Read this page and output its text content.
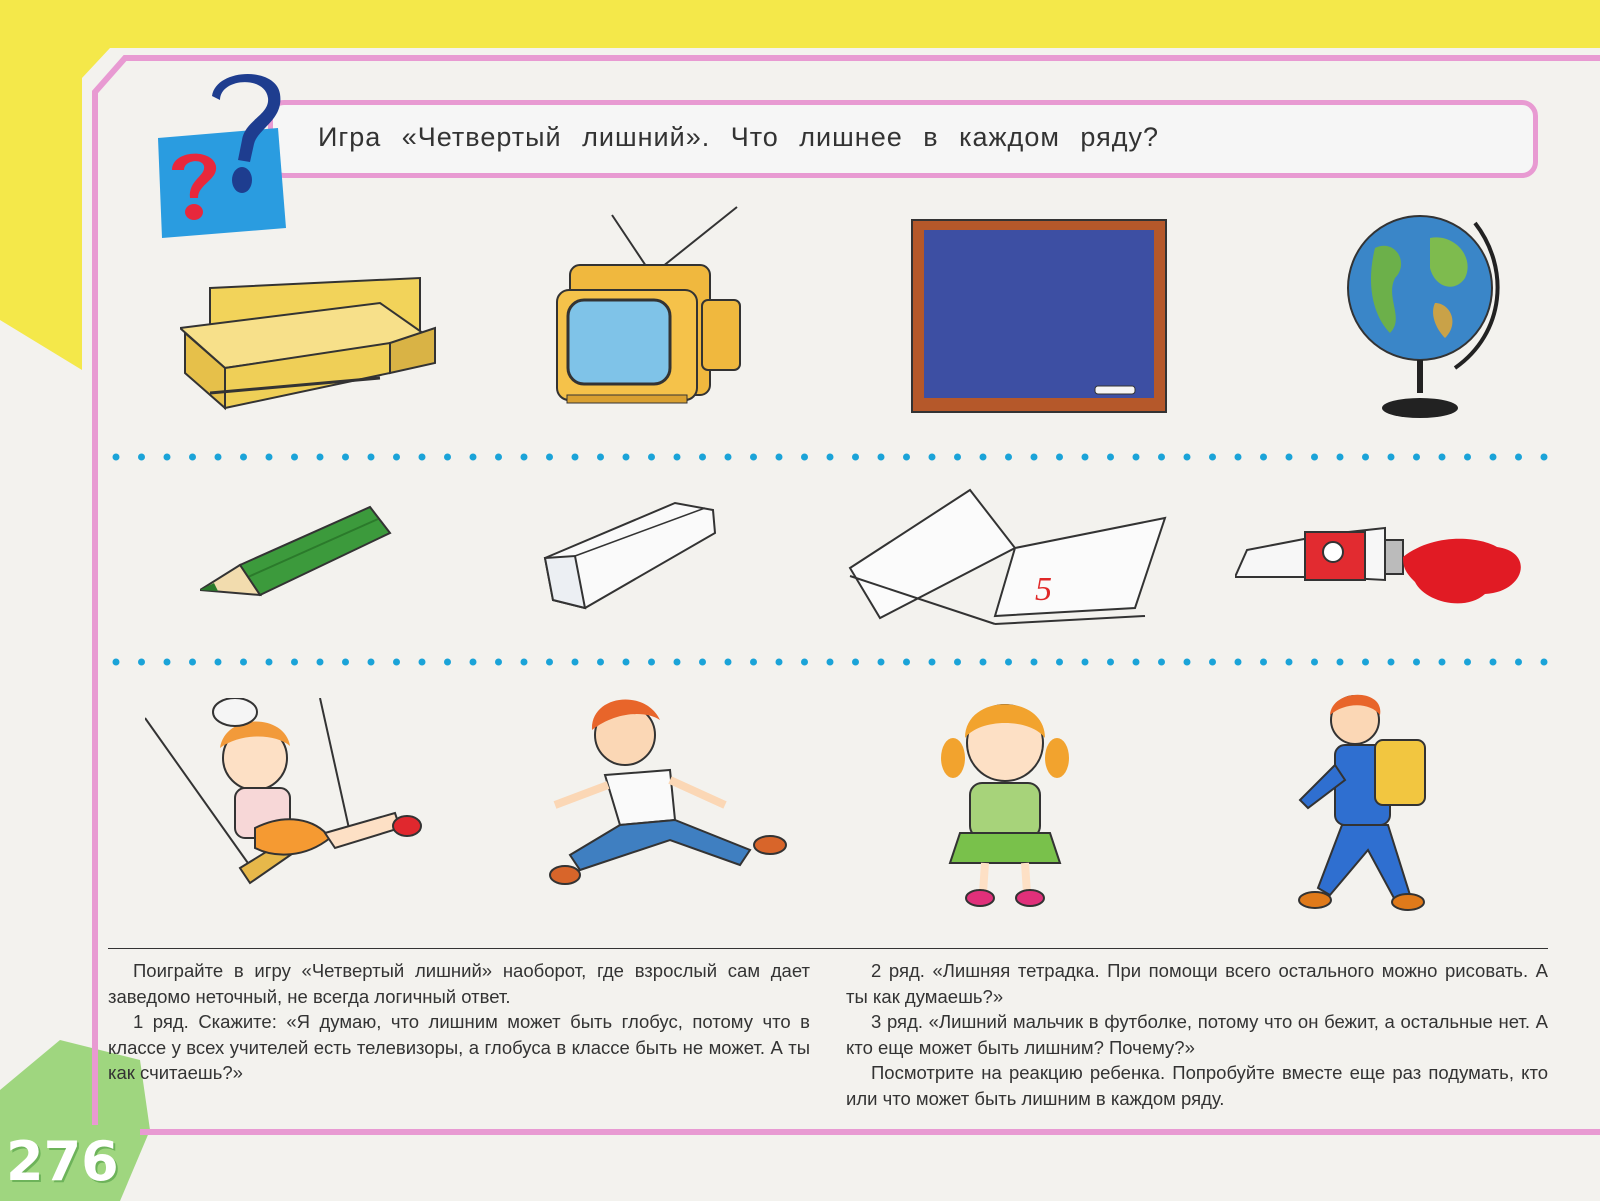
Игра «Четвертый лишний». Что лишнее в каждом ряду?
5

Поиграйте в игру «Четвертый лишний» наоборот, где взрослый сам дает заведомо неточный, не всегда логичный ответ.

1 ряд. Скажите: «Я думаю, что лишним может быть глобус, потому что в классе у всех учителей есть телевизоры, а глобуса в классе быть не может. А ты как считаешь?»

2 ряд. «Лишняя тетрадка. При помощи всего остального можно рисовать. А ты как думаешь?»

3 ряд. «Лишний мальчик в футболке, потому что он бежит, а остальные нет. А кто еще может быть лишним? Почему?»

Посмотрите на реакцию ребенка. Попробуйте вместе еще раз подумать, кто или что может быть лишним в каждом ряду.

276
